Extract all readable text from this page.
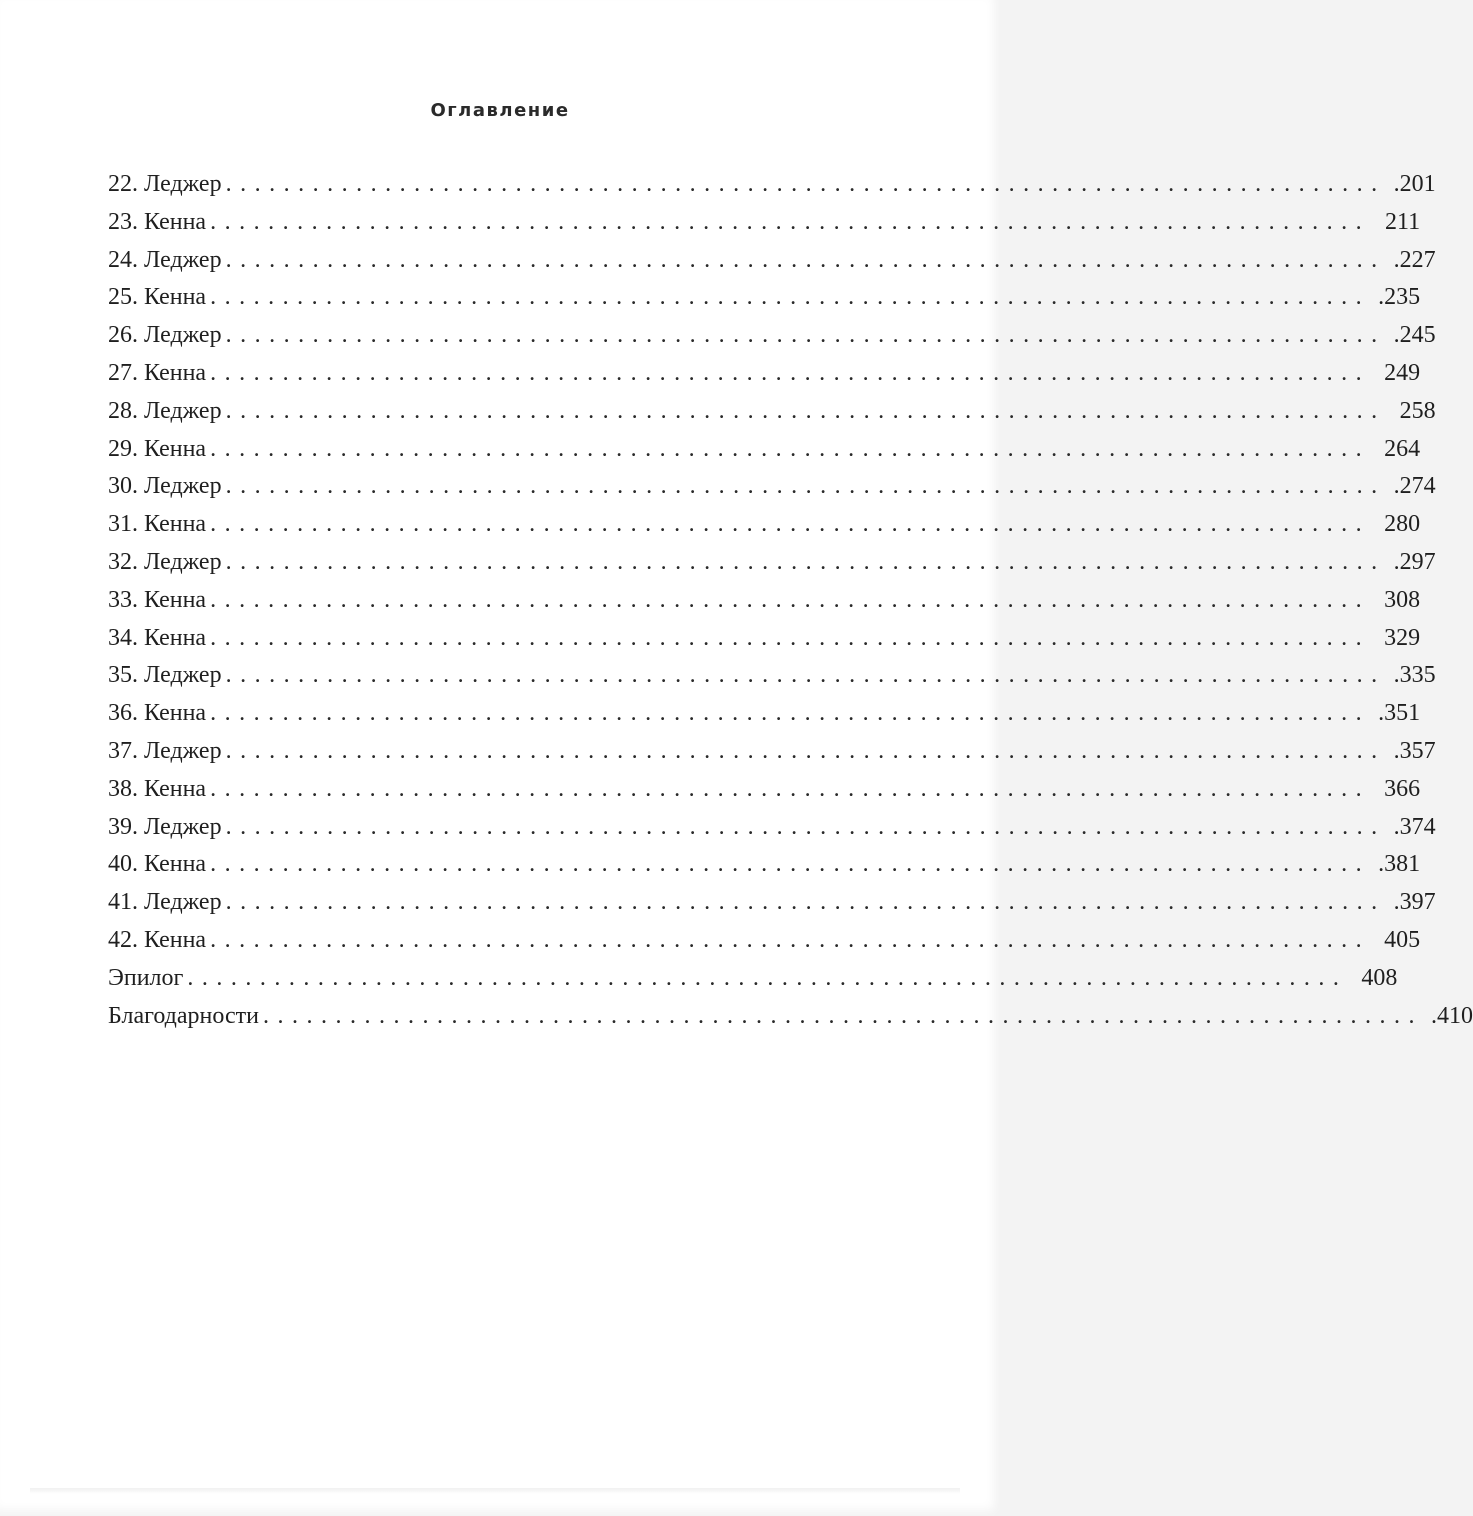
Оглавление
22. Леджер ................................................................................ .201
23. Кенна ................................................................................ 211
24. Леджер ................................................................................ .227
25. Кенна ................................................................................ .235
26. Леджер ................................................................................ .245
27. Кенна ................................................................................ 249
28. Леджер ................................................................................ 258
29. Кенна ................................................................................ 264
30. Леджер ................................................................................ .274
31. Кенна ................................................................................ 280
32. Леджер ................................................................................ .297
33. Кенна ................................................................................ 308
34. Кенна ................................................................................ 329
35. Леджер ................................................................................ .335
36. Кенна ................................................................................ .351
37. Леджер ................................................................................ .357
38. Кенна ................................................................................ 366
39. Леджер ................................................................................ .374
40. Кенна ................................................................................ .381
41. Леджер ................................................................................ .397
42. Кенна ................................................................................ 405
Эпилог ................................................................................ 408
Благодарности ................................................................................ .410
